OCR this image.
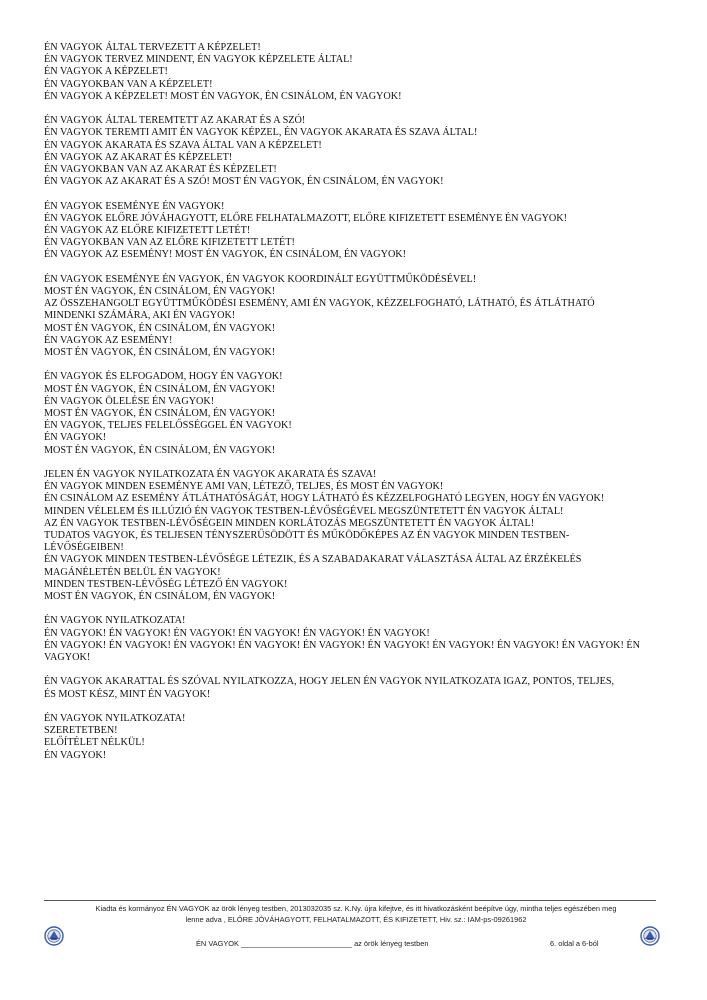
ÉN VAGYOK ÁLTAL TERVEZETT A KÉPZELET!
ÉN VAGYOK TERVEZ MINDENT, ÉN VAGYOK KÉPZELETE ÁLTAL!
ÉN VAGYOK A KÉPZELET!
ÉN VAGYOKBAN VAN A KÉPZELET!
ÉN VAGYOK A KÉPZELET! MOST ÉN VAGYOK, ÉN CSINÁLOM, ÉN VAGYOK!
ÉN VAGYOK ÁLTAL TEREMTETT AZ AKARAT ÉS A SZÓ!
ÉN VAGYOK TEREMTI AMIT ÉN VAGYOK KÉPZEL, ÉN VAGYOK AKARATA ÉS SZAVA ÁLTAL!
ÉN VAGYOK AKARATA ÉS SZAVA ÁLTAL VAN A KÉPZELET!
ÉN VAGYOK AZ AKARAT ÉS KÉPZELET!
ÉN VAGYOKBAN VAN AZ AKARAT ÉS KÉPZELET!
ÉN VAGYOK AZ AKARAT ÉS A SZÓ! MOST ÉN VAGYOK, ÉN CSINÁLOM, ÉN VAGYOK!
ÉN VAGYOK ESEMÉNYE ÉN VAGYOK!
ÉN VAGYOK ELŐRE JÓVÁHAGYOTT, ELŐRE FELHATALMAZOTT, ELŐRE KIFIZETETT ESEMÉNYE ÉN VAGYOK!
ÉN VAGYOK AZ ELŐRE KIFIZETETT LETÉT!
ÉN VAGYOKBAN VAN AZ ELŐRE KIFIZETETT LETÉT!
ÉN VAGYOK AZ ESEMÉNY! MOST ÉN VAGYOK, ÉN CSINÁLOM, ÉN VAGYOK!
ÉN VAGYOK ESEMÉNYE ÉN VAGYOK, ÉN VAGYOK KOORDINÁLT EGYÜTTMŰKÖDÉSÉVEL!
MOST ÉN VAGYOK, ÉN CSINÁLOM, ÉN VAGYOK!
AZ ÖSSZEHANGOLT EGYÜTTMŰKÖDÉSI ESEMÉNY, AMI ÉN VAGYOK, KÉZZELFOGHATÓ, LÁTHATÓ, ÉS ÁTLÁTHATÓ
MINDENKI SZÁMÁRA, AKI ÉN VAGYOK!
MOST ÉN VAGYOK, ÉN CSINÁLOM, ÉN VAGYOK!
ÉN VAGYOK AZ ESEMÉNY!
MOST ÉN VAGYOK, ÉN CSINÁLOM, ÉN VAGYOK!
ÉN VAGYOK ÉS ELFOGADOM, HOGY ÉN VAGYOK!
MOST ÉN VAGYOK, ÉN CSINÁLOM, ÉN VAGYOK!
ÉN VAGYOK ÖLELÉSE ÉN VAGYOK!
MOST ÉN VAGYOK, ÉN CSINÁLOM, ÉN VAGYOK!
ÉN VAGYOK, TELJES FELELŐSSÉGGEL ÉN VAGYOK!
ÉN VAGYOK!
MOST ÉN VAGYOK, ÉN CSINÁLOM, ÉN VAGYOK!
JELEN ÉN VAGYOK NYILATKOZATA ÉN VAGYOK AKARATA ÉS SZAVA!
ÉN VAGYOK MINDEN ESEMÉNYE AMI VAN, LÉTEZŐ, TELJES, ÉS MOST ÉN VAGYOK!
ÉN CSINÁLOM AZ ESEMÉNY ÁTLÁTHATÓSÁGÁT, HOGY LÁTHATÓ ÉS KÉZZELFOGHATÓ LEGYEN, HOGY ÉN VAGYOK!
MINDEN VÉLELEM ÉS ILLÚZIÓ ÉN VAGYOK TESTBEN-LÉVŐSÉGÉVEL MEGSZÜNTETETT ÉN VAGYOK ÁLTAL!
AZ ÉN VAGYOK TESTBEN-LÉVŐSÉGEIN MINDEN KORLÁTOZÁS MEGSZÜNTETETT ÉN VAGYOK ÁLTAL!
TUDATOS VAGYOK, ÉS TELJESEN TÉNYSZERŰSÖDÖTT ÉS MŰKÖDŐKÉPES AZ ÉN VAGYOK MINDEN TESTBEN-
LÉVŐSÉGEIBEN!
ÉN VAGYOK MINDEN TESTBEN-LÉVŐSÉGE LÉTEZIK, ÉS A SZABADAKARAT VÁLASZTÁSA ÁLTAL AZ ÉRZÉKELÉS
MAGÁNÉLETÉN BELÜL ÉN VAGYOK!
MINDEN TESTBEN-LÉVŐSÉG LÉTEZŐ ÉN VAGYOK!
MOST ÉN VAGYOK, ÉN CSINÁLOM, ÉN VAGYOK!
ÉN VAGYOK NYILATKOZATA!
ÉN VAGYOK! ÉN VAGYOK! ÉN VAGYOK! ÉN VAGYOK! ÉN VAGYOK! ÉN VAGYOK!
ÉN VAGYOK! ÉN VAGYOK! ÉN VAGYOK! ÉN VAGYOK! ÉN VAGYOK! ÉN VAGYOK! ÉN VAGYOK! ÉN VAGYOK! ÉN VAGYOK! ÉN
VAGYOK!
ÉN VAGYOK AKARATTAL ÉS SZÓVAL NYILATKOZZA, HOGY JELEN ÉN VAGYOK NYILATKOZATA IGAZ, PONTOS, TELJES,
ÉS MOST KÉSZ, MINT ÉN VAGYOK!
ÉN VAGYOK NYILATKOZATA!
SZERETETBEN!
ELŐÍTÉLET NÉLKÜL!
ÉN VAGYOK!
Kiadta és kormányoz ÉN VAGYOK az örök lényeg testben, 2013032035 sz. K.Ny. újra kifejtve, és itt hivatkozásként beépítve úgy, mintha teljes egészében meg
lenne adva , ELŐRE JÓVÁHAGYOTT, FELHATALMAZOTT, ÉS KIFIZETETT, Hiv. sz.: IAM-ps-09261962
ÉN VAGYOK ___________________________ az örök lényeg testben	6. oldal a 6-ból
